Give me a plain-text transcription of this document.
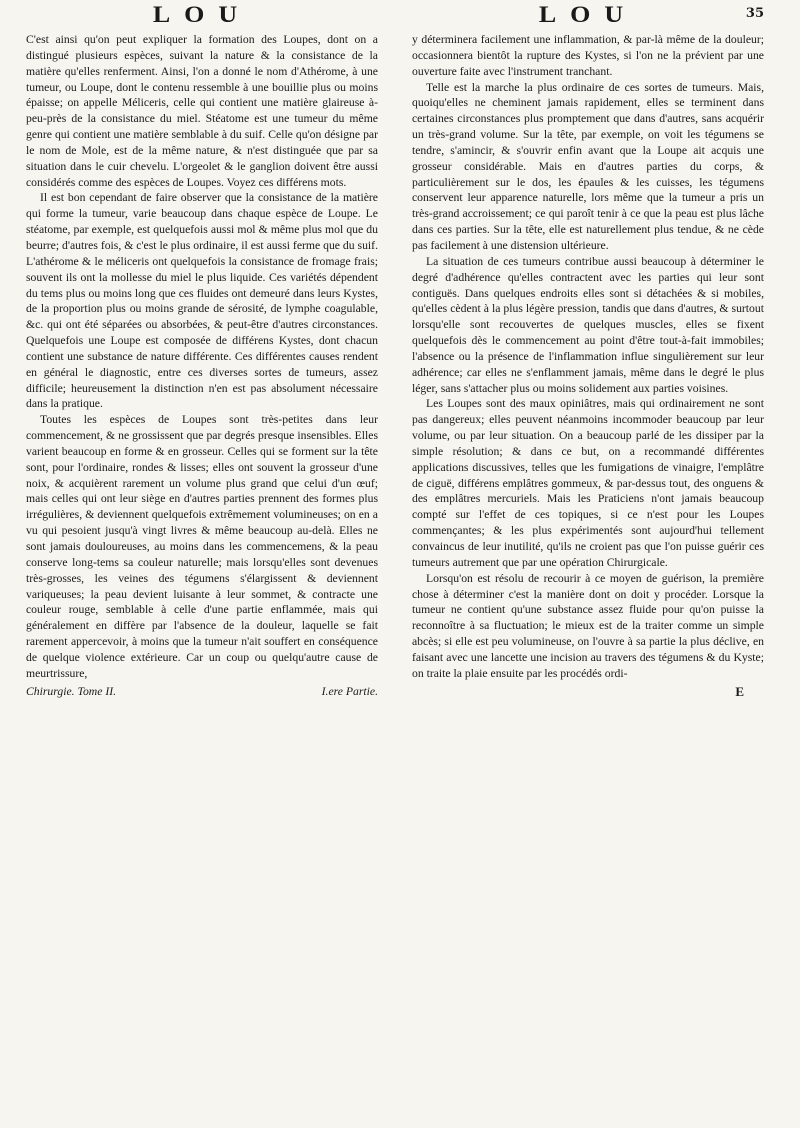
LOU

C'est ainsi qu'on peut expliquer la formation des Loupes, dont on a distingué plusieurs espèces, suivant la nature & la consistance de la matière qu'elles renferment. Ainsi, l'on a donné le nom d'Athérome, à une tumeur, ou Loupe, dont le contenu ressemble à une bouillie plus ou moins épaisse; on appelle Méliceris, celle qui contient une matière glaireuse à-peu-près de la consistance du miel. Stéatome est une tumeur du même genre qui contient une matière semblable à du suif. Celle qu'on désigne par le nom de Mole, est de la même nature, & n'est distinguée que par sa situation dans le cuir chevelu. L'orgeolet & le ganglion doivent être aussi considérés comme des espèces de Loupes. Voyez ces différens mots.

Il est bon cependant de faire observer que la consistance de la matière qui forme la tumeur, varie beaucoup dans chaque espèce de Loupe. Le stéatome, par exemple, est quelquefois aussi mol & même plus mol que du beurre; d'autres fois, & c'est le plus ordinaire, il est aussi ferme que du suif. L'athérome & le méliceris ont quelquefois la consistance de fromage frais; souvent ils ont la mollesse du miel le plus liquide. Ces variétés dépendent du tems plus ou moins long que ces fluides ont demeuré dans leurs Kystes, de la proportion plus ou moins grande de sérosité, de lymphe coagulable, &c. qui ont été séparées ou absorbées, & peut-être d'autres circonstances. Quelquefois une Loupe est composée de différens Kystes, dont chacun contient une substance de nature différente. Ces différentes causes rendent en général le diagnostic, entre ces diverses sortes de tumeurs, assez difficile; heureusement la distinction n'en est pas absolument nécessaire dans la pratique.

Toutes les espèces de Loupes sont très-petites dans leur commencement, & ne grossissent que par degrés presque insensibles. Elles varient beaucoup en forme & en grosseur. Celles qui se forment sur la tête sont, pour l'ordinaire, rondes & lisses; elles ont souvent la grosseur d'une noix, & acquièrent rarement un volume plus grand que celui d'un œuf; mais celles qui ont leur siège en d'autres parties prennent des formes plus irrégulières, & deviennent quelquefois extrêmement volumineuses; on en a vu qui pesoient jusqu'à vingt livres & même beaucoup au-delà. Elles ne sont jamais douloureuses, au moins dans les commencemens, & la peau conserve long-tems sa couleur naturelle; mais lorsqu'elles sont devenues très-grosses, les veines des tégumens s'élargissent & deviennent variqueuses; la peau devient luisante à leur sommet, & contracte une couleur rouge, semblable à celle d'une partie enflammée, mais qui généralement en diffère par l'absence de la douleur, laquelle se fait rarement appercevoir, à moins que la tumeur n'ait souffert en conséquence de quelque violence extérieure. Car un coup ou quelqu'autre cause de meurtrissure,

Chirurgie. Tome II.	I.ere Partie.
LOU	35

y déterminera facilement une inflammation, & par-là même de la douleur; occasionnera bientôt la rupture des Kystes, si l'on ne la prévient par une ouverture faite avec l'instrument tranchant.

Telle est la marche la plus ordinaire de ces sortes de tumeurs. Mais, quoiqu'elles ne cheminent jamais rapidement, elles se terminent dans certaines circonstances plus promptement que dans d'autres, sans acquérir un très-grand volume. Sur la tête, par exemple, on voit les tégumens se tendre, s'amincir, & s'ouvrir enfin avant que la Loupe ait acquis une grosseur considérable. Mais en d'autres parties du corps, & particulièrement sur le dos, les épaules & les cuisses, les tégumens conservent leur apparence naturelle, lors même que la tumeur a pris un très-grand accroissement; ce qui paroît tenir à ce que la peau est plus lâche dans ces parties. Sur la tête, elle est naturellement plus tendue, & ne cède pas facilement à une distension ultérieure.

La situation de ces tumeurs contribue aussi beaucoup à déterminer le degré d'adhérence qu'elles contractent avec les parties qui leur sont contiguës. Dans quelques endroits elles sont si détachées & si mobiles, qu'elles cèdent à la plus légère pression, tandis que dans d'autres, & surtout lorsqu'elle sont recouvertes de quelques muscles, elles se fixent quelquefois dès le commencement au point d'être tout-à-fait immobiles; l'absence ou la présence de l'inflammation influe singulièrement sur leur adhérence; car elles ne s'enflamment jamais, même dans le degré le plus léger, sans s'attacher plus ou moins solidement aux parties voisines.

Les Loupes sont des maux opiniâtres, mais qui ordinairement ne sont pas dangereux; elles peuvent néanmoins incommoder beaucoup par leur volume, ou par leur situation. On a beaucoup parlé de les dissiper par la simple résolution; & dans ce but, on a recommandé différentes applications discussives, telles que les fumigations de vinaigre, l'emplâtre de ciguë, différens emplâtres gommeux, & par-dessus tout, des onguens & des emplâtres mercuriels. Mais les Praticiens n'ont jamais beaucoup compté sur l'effet de ces topiques, si ce n'est pour les Loupes commençantes; & les plus expérimentés sont aujourd'hui tellement convaincus de leur inutilité, qu'ils ne croient pas que l'on puisse guérir ces tumeurs autrement que par une opération Chirurgicale.

Lorsqu'on est résolu de recourir à ce moyen de guérison, la première chose à déterminer c'est la manière dont on doit y procéder. Lorsque la tumeur ne contient qu'une substance assez fluide pour qu'on puisse la reconnoître à sa fluctuation; le mieux est de la traiter comme un simple abcès; si elle est peu volumineuse, on l'ouvre à sa partie la plus déclive, en faisant avec une lancette une incision au travers des tégumens & du Kyste; on traite la plaie ensuite par les procédés ordi-

E
